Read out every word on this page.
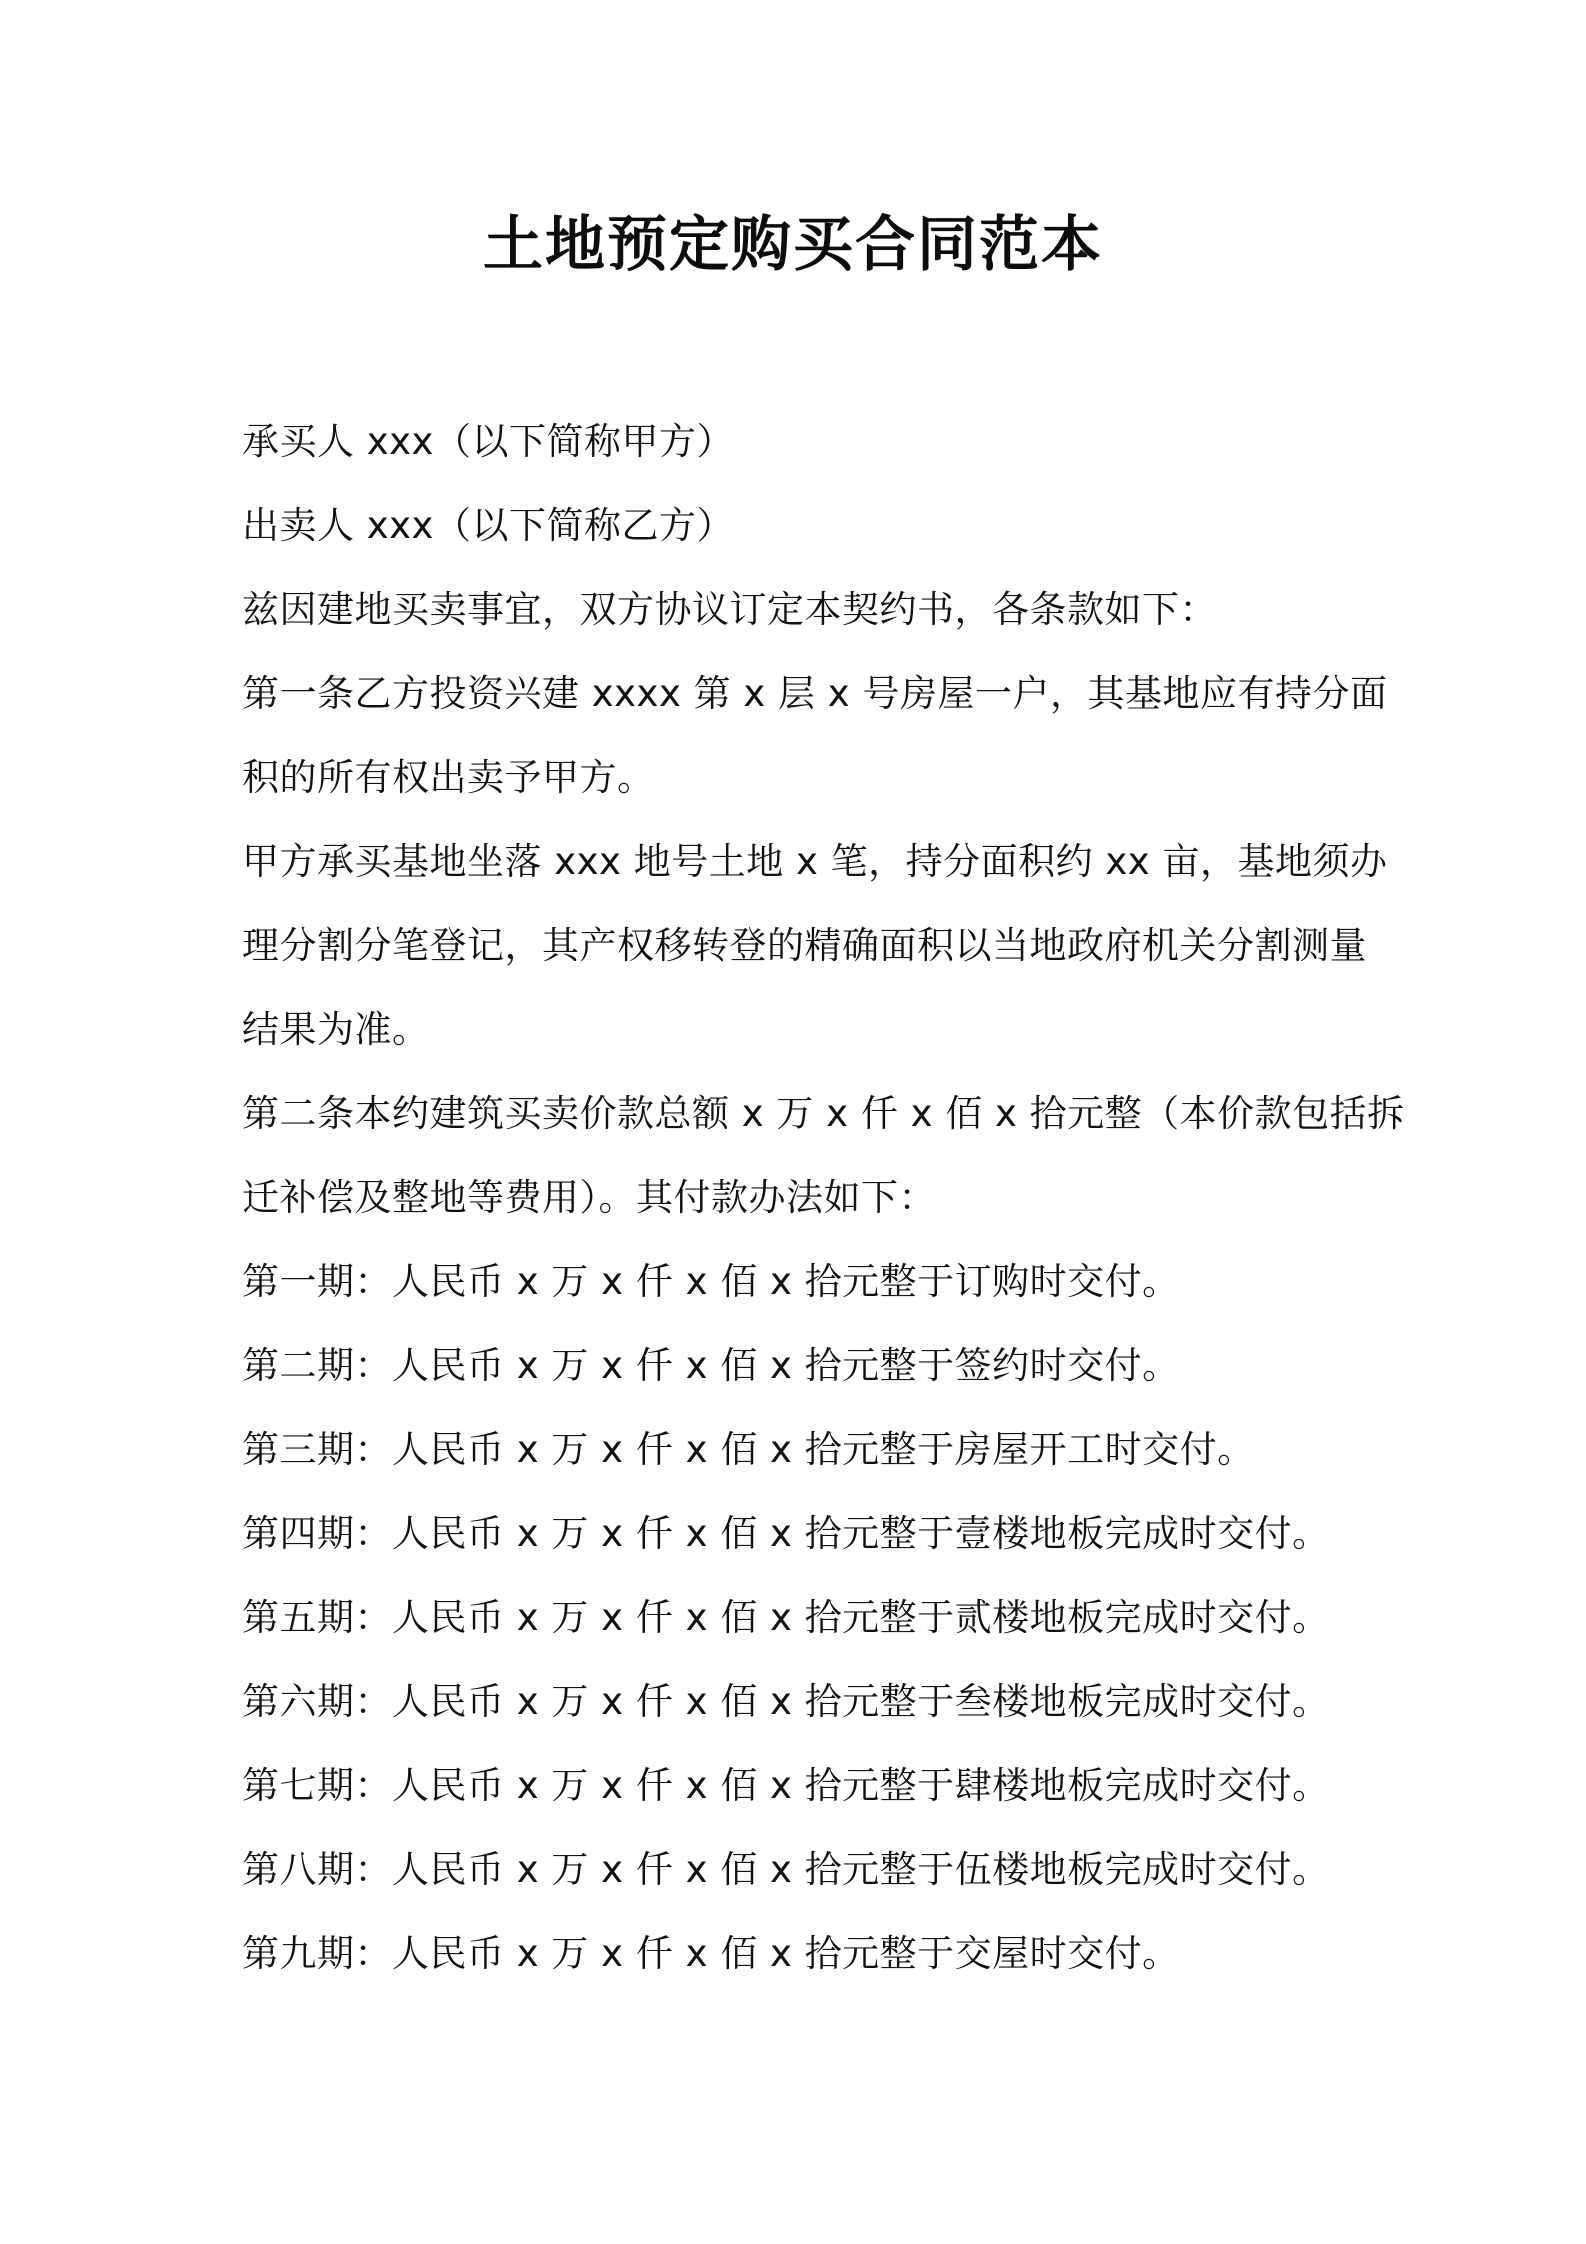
土地预定购买合同范本
承买人 xxx（以下简称甲方）
出卖人 xxx（以下简称乙方）
兹因建地买卖事宜，双方协议订定本契约书，各条款如下：
第一条乙方投资兴建 xxxx 第 x 层 x 号房屋一户，其基地应有持分面
积的所有权出卖予甲方。
甲方承买基地坐落 xxx 地号土地 x 笔，持分面积约 xx 亩，基地须办
理分割分笔登记，其产权移转登的精确面积以当地政府机关分割测量
结果为准。
第二条本约建筑买卖价款总额 x 万 x 仟 x 佰 x 拾元整（本价款包括拆
迁补偿及整地等费用）。其付款办法如下：
第一期：人民币 x 万 x 仟 x 佰 x 拾元整于订购时交付。
第二期：人民币 x 万 x 仟 x 佰 x 拾元整于签约时交付。
第三期：人民币 x 万 x 仟 x 佰 x 拾元整于房屋开工时交付。
第四期：人民币 x 万 x 仟 x 佰 x 拾元整于壹楼地板完成时交付。
第五期：人民币 x 万 x 仟 x 佰 x 拾元整于贰楼地板完成时交付。
第六期：人民币 x 万 x 仟 x 佰 x 拾元整于叁楼地板完成时交付。
第七期：人民币 x 万 x 仟 x 佰 x 拾元整于肆楼地板完成时交付。
第八期：人民币 x 万 x 仟 x 佰 x 拾元整于伍楼地板完成时交付。
第九期：人民币 x 万 x 仟 x 佰 x 拾元整于交屋时交付。
